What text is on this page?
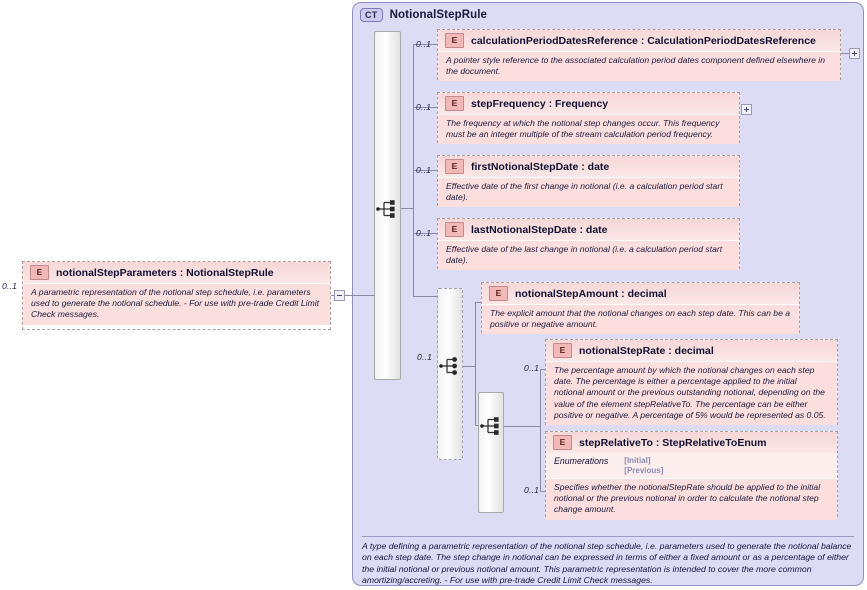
CT	NotionalStepRule
E	notionalStepParameters : NotionalStepRule
A parametric representation of the notional step schedule, i.e. parameters used to generate the notional schedule. - For use with pre-trade Credit Limit Check messages.
0..1
E	calculationPeriodDatesReference : CalculationPeriodDatesReference
A pointer style reference to the associated calculation period dates component defined elsewhere in the document.
0..1
E	stepFrequency : Frequency
The frequency at which the notional step changes occur. This frequency must be an integer multiple of the stream calculation period frequency.
0..1
E	firstNotionalStepDate : date
Effective date of the first change in notional (i.e. a calculation period start date).
0..1
E	lastNotionalStepDate : date
Effective date of the last change in notional (i.e. a calculation period start date).
0..1
E	notionalStepAmount : decimal
The explicit amount that the notional changes on each step date. This can be a positive or negative amount.
0..1
E	notionalStepRate : decimal
The percentage amount by which the notional changes on each step date. The percentage is either a percentage applied to the initial notional amount or the previous outstanding notional, depending on the value of the element stepRelativeTo. The percentage can be either positive or negative. A percentage of 5% would be represented as 0.05.
0..1
E	stepRelativeTo : StepRelativeToEnum
Enumerations [Initial]
[Previous]
Specifies whether the notionalStepRate should be applied to the initial notional or the previous notional in order to calculate the notional step change amount.
0..1
A type defining a parametric representation of the notional step schedule, i.e. parameters used to generate the notional balance on each step date. The step change in notional can be expressed in terms of either a fixed amount or as a percentage of either the initial notional or previous notional amount. This parametric representation is intended to cover the more common amortizing/accreting. - For use with pre-trade Credit Limit Check messages.
